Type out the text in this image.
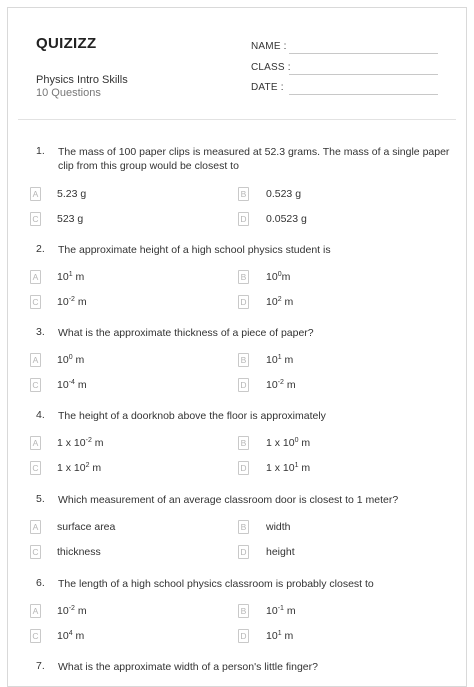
QUIZIZZ
Physics Intro Skills
10 Questions
NAME :
CLASS :
DATE :
1. The mass of 100 paper clips is measured at 52.3 grams. The mass of a single paper clip from this group would be closest to
A 5.23 g	B 0.523 g
C 523 g	D 0.0523 g
2. The approximate height of a high school physics student is
A $10^1$ m	B $10^0m$
C $10^{-2}$ m	D $10^2$ m
3. What is the approximate thickness of a piece of paper?
A $10^0$ m	B $10^1$ m
C $10^{-4}$ m	D $10^{-2}$ m
4. The height of a doorknob above the floor is approximately
A 1 x $10^{-2}$ m	B 1 x $10^0$ m
C 1 x $10^2$ m	D 1 x $10^1$ m
5. Which measurement of an average classroom door is closest to 1 meter?
A surface area	B width
C thickness	D height
6. The length of a high school physics classroom is probably closest to
A $10^{-2}$ m	B $10^{-1}$ m
C $10^4$ m	D $10^1$ m
7. What is the approximate width of a person's little finger?
